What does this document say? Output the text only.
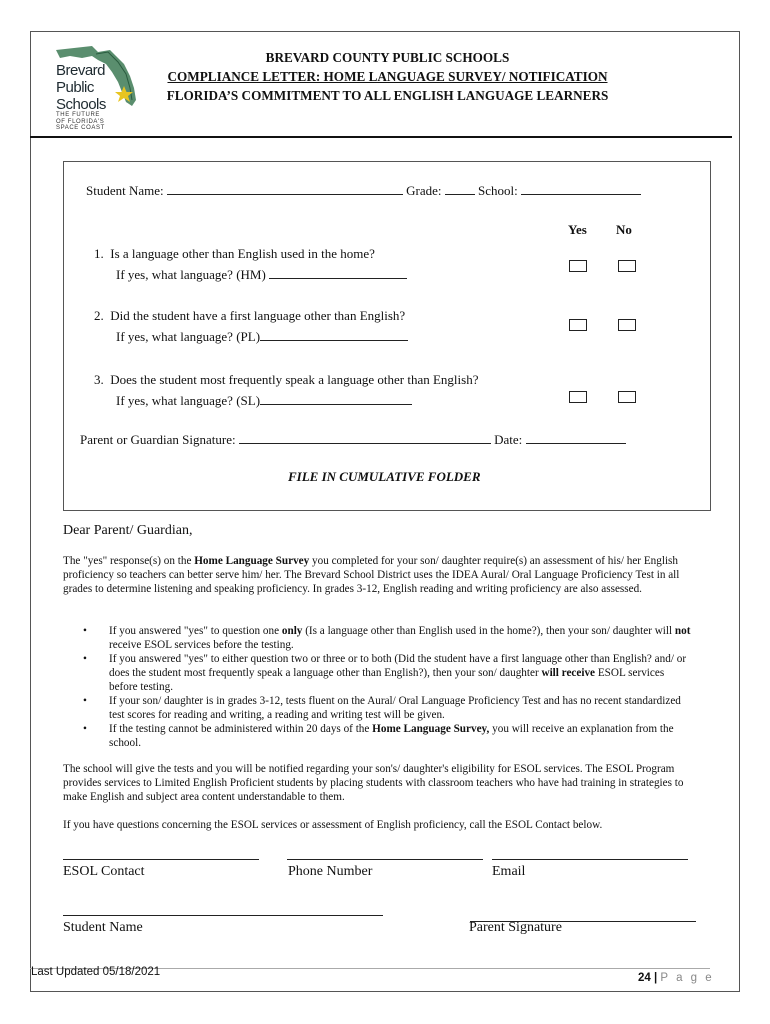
Brevard
Public
Schools
THE FUTURE
OF FLORIDA'S
SPACE COAST
BREVARD COUNTY PUBLIC SCHOOLS
COMPLIANCE LETTER: HOME LANGUAGE SURVEY/ NOTIFICATION
FLORIDA’S COMMITMENT TO ALL ENGLISH LANGUAGE LEARNERS
Student Name:	Grade:	School:
Yes No
1. Is a language other than English used in the home?
If yes, what language? (HM)
2. Did the student have a first language other than English?
If yes, what language? (PL)
3. Does the student most frequently speak a language other than English?
If yes, what language? (SL)
Parent or Guardian Signature:	Date:
FILE IN CUMULATIVE FOLDER
Dear Parent/ Guardian,
The "yes" response(s) on the Home Language Survey you completed for your son/ daughter require(s) an assessment of his/ her English proficiency so teachers can better serve him/ her. The Brevard School District uses the IDEA Aural/ Oral Language Proficiency Test in all grades to determine listening and speaking proficiency. In grades 3-12, English reading and writing proficiency are also assessed.
• If you answered "yes" to question one only (Is a language other than English used in the home?), then your son/ daughter will not receive ESOL services before the testing.
• If you answered "yes" to either question two or three or to both (Did the student have a first language other than English? and/ or does the student most frequently speak a language other than English?), then your son/ daughter will receive ESOL services before testing.
• If your son/ daughter is in grades 3-12, tests fluent on the Aural/ Oral Language Proficiency Test and has no recent standardized test scores for reading and writing, a reading and writing test will be given.
• If the testing cannot be administered within 20 days of the Home Language Survey, you will receive an explanation from the school.
The school will give the tests and you will be notified regarding your son's/ daughter's eligibility for ESOL services. The ESOL Program provides services to Limited English Proficient students by placing students with classroom teachers who have had training in strategies to make English and subject area content understandable to them.
If you have questions concerning the ESOL services or assessment of English proficiency, call the ESOL Contact below.
ESOL Contact	Phone Number	Email
Student Name	Parent Signature
Last Updated 05/18/2021	24 | P a g e
